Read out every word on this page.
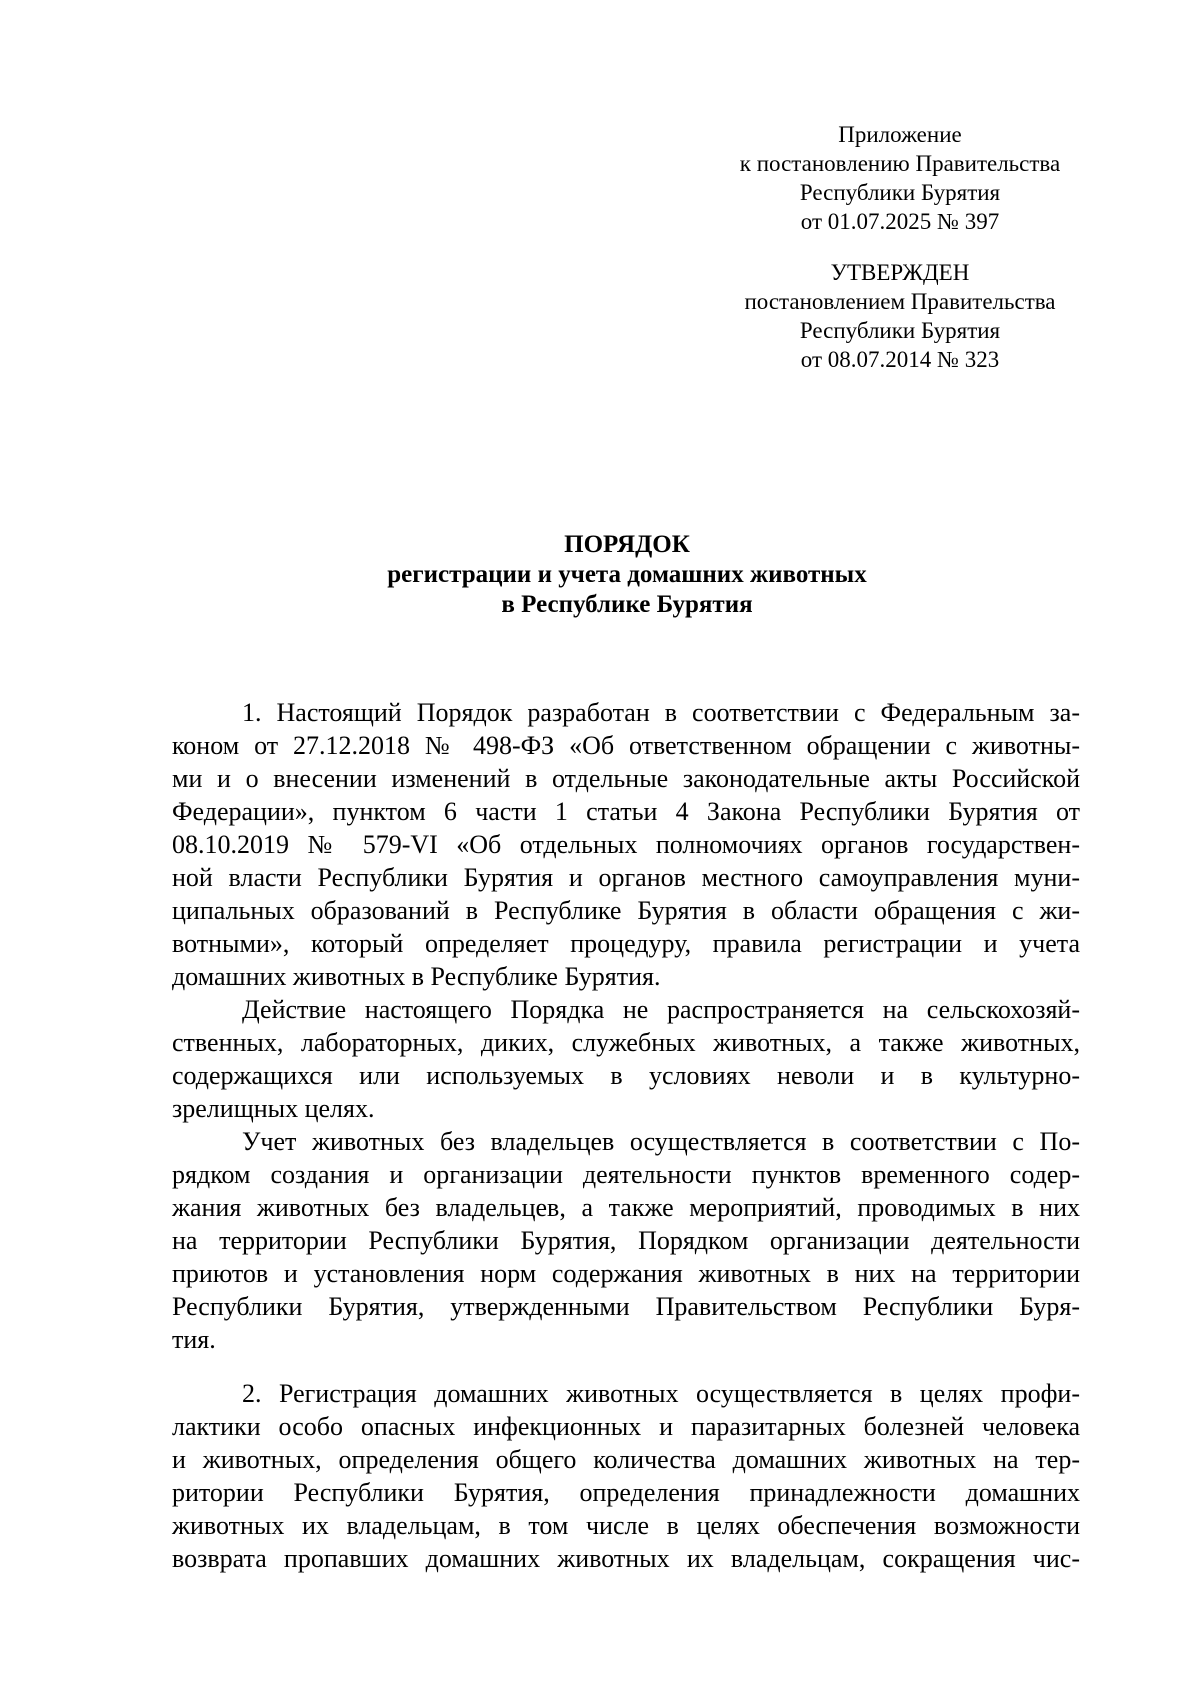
Приложение
к постановлению Правительства
Республики Бурятия
от 01.07.2025 № 397
УТВЕРЖДЕН
постановлением Правительства
Республики Бурятия
от 08.07.2014 № 323
ПОРЯДОК
регистрации и учета домашних животных
в Республике Бурятия
1. Настоящий Порядок разработан в соответствии с Федеральным за-
коном от 27.12.2018 № 498-ФЗ «Об ответственном обращении с животны-
ми и о внесении изменений в отдельные законодательные акты Российской
Федерации», пунктом 6 части 1 статьи 4 Закона Республики Бурятия от
08.10.2019 № 579-VI «Об отдельных полномочиях органов государствен-
ной власти Республики Бурятия и органов местного самоуправления муни-
ципальных образований в Республике Бурятия в области обращения с жи-
вотными», который определяет процедуру, правила регистрации и учета
домашних животных в Республике Бурятия.
Действие настоящего Порядка не распространяется на сельскохозяй-
ственных, лабораторных, диких, служебных животных, а также животных,
содержащихся или используемых в условиях неволи и в культурно-
зрелищных целях.
Учет животных без владельцев осуществляется в соответствии с По-
рядком создания и организации деятельности пунктов временного содер-
жания животных без владельцев, а также мероприятий, проводимых в них
на территории Республики Бурятия, Порядком организации деятельности
приютов и установления норм содержания животных в них на территории
Республики Бурятия, утвержденными Правительством Республики Буря-
тия.
2. Регистрация домашних животных осуществляется в целях профи-
лактики особо опасных инфекционных и паразитарных болезней человека
и животных, определения общего количества домашних животных на тер-
ритории Республики Бурятия, определения принадлежности домашних
животных их владельцам, в том числе в целях обеспечения возможности
возврата пропавших домашних животных их владельцам, сокращения чис-
